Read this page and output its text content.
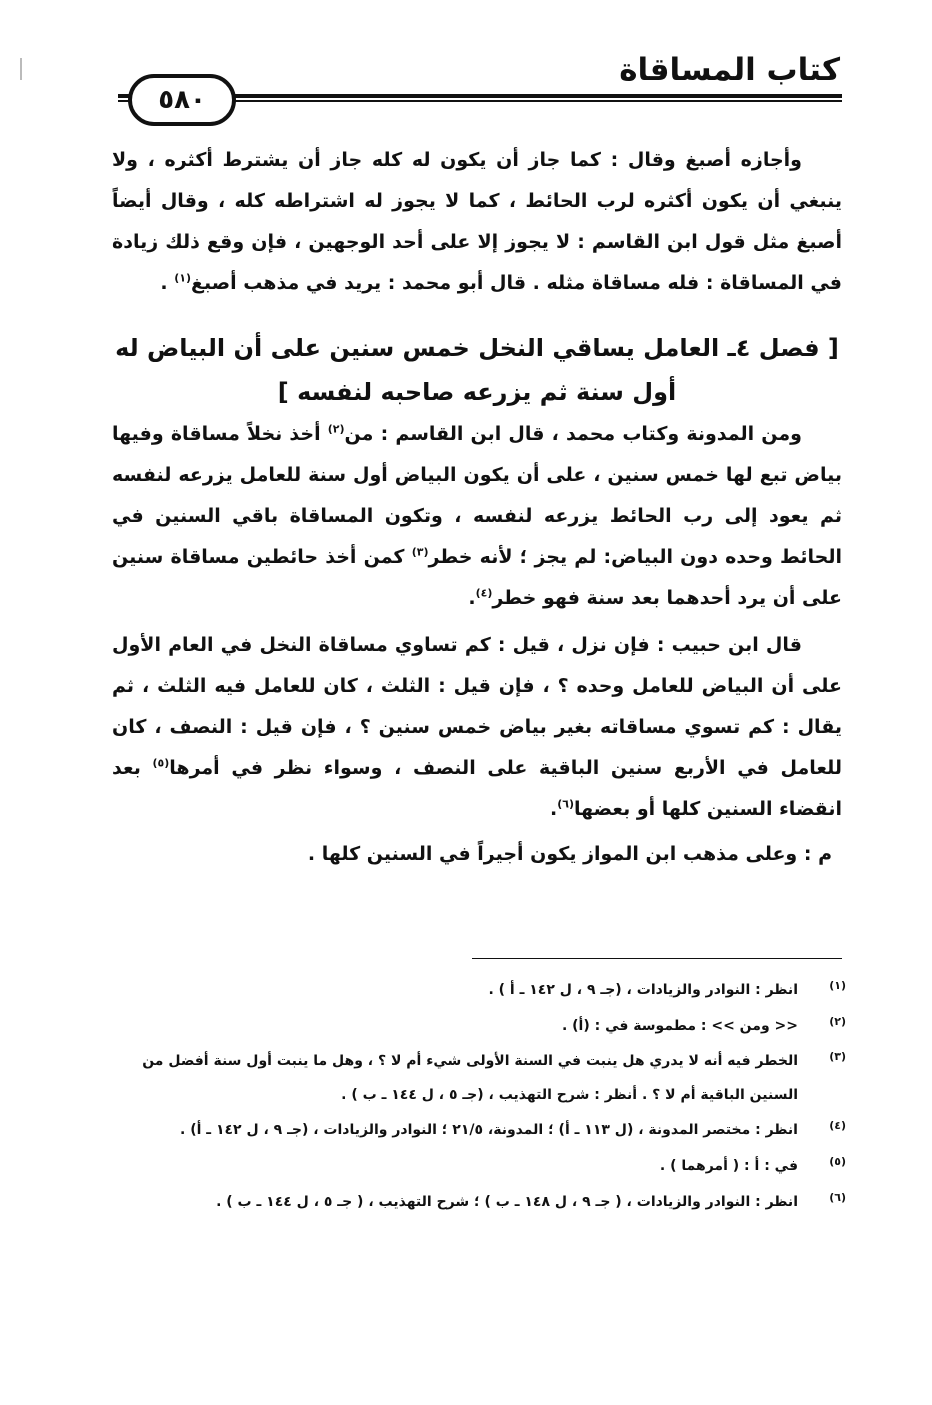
كتاب المساقاة
٥٨٠

وأجازه أصبغ وقال : كما جاز أن يكون له كله جاز أن يشترط أكثره ، ولا ينبغي أن يكون أكثره لرب الحائط ، كما لا يجوز له اشتراطه كله ، وقال أيضاً أصبغ مثل قول ابن القاسم : لا يجوز إلا على أحد الوجهين ، فإن وقع ذلك زيادة في المساقاة : فله مساقاة مثله . قال أبو محمد : يريد في مذهب أصبغ$^{(١)}$ .

[ فصل ٤ـ العامل يساقي النخل خمس سنين على أن البياض له أول سنة ثم يزرعه صاحبه لنفسه ]

ومن المدونة وكتاب محمد ، قال ابن القاسم : من$^{(٢)}$ أخذ نخلاً مساقاة وفيها بياض تبع لها خمس سنين ، على أن يكون البياض أول سنة للعامل يزرعه لنفسه ثم يعود إلى رب الحائط يزرعه لنفسه ، وتكون المساقاة باقي السنين في الحائط وحده دون البياض: لم يجز ؛ لأنه خطر$^{(٣)}$ كمن أخذ حائطين مساقاة سنين على أن يرد أحدهما بعد سنة فهو خطر$^{(٤)}$.

قال ابن حبيب : فإن نزل ، قيل : كم تساوي مساقاة النخل في العام الأول على أن البياض للعامل وحده ؟ ، فإن قيل : الثلث ، كان للعامل فيه الثلث ، ثم يقال : كم تسوي مساقاته بغير بياض خمس سنين ؟ ، فإن قيل : النصف ، كان للعامل في الأربع سنين الباقية على النصف ، وسواء نظر في أمرها$^{(٥)}$ بعد انقضاء السنين كلها أو بعضها$^{(٦)}$.

م : وعلى مذهب ابن المواز يكون أجيراً في السنين كلها .

(١)
انظر : النوادر والزيادات ، (جـ ٩ ، ل ١٤٢ ـ أ ) .

(٢)
<< ومن >> : مطموسة في : (أ) .

(٣)
الخطر فيه أنه لا يدري هل ينبت في السنة الأولى شيء أم لا ؟ ، وهل ما ينبت أول سنة أفضل من السنين الباقية أم لا ؟ . أنظر : شرح التهذيب ، (جـ ٥ ، ل ١٤٤ ـ ب ) .

(٤)
انظر : مختصر المدونة ، (ل ١١٣ ـ أ) ؛ المدونة، ٢١/٥ ؛ النوادر والزيادات ، (جـ ٩ ، ل ١٤٢ ـ أ) .

(٥)
في : أ : ( أمرهما ) .

(٦)
انظر : النوادر والزيادات ، ( جـ ٩ ، ل ١٤٨ ـ ب ) ؛ شرح التهذيب ، ( جـ ٥ ، ل ١٤٤ ـ ب ) .
